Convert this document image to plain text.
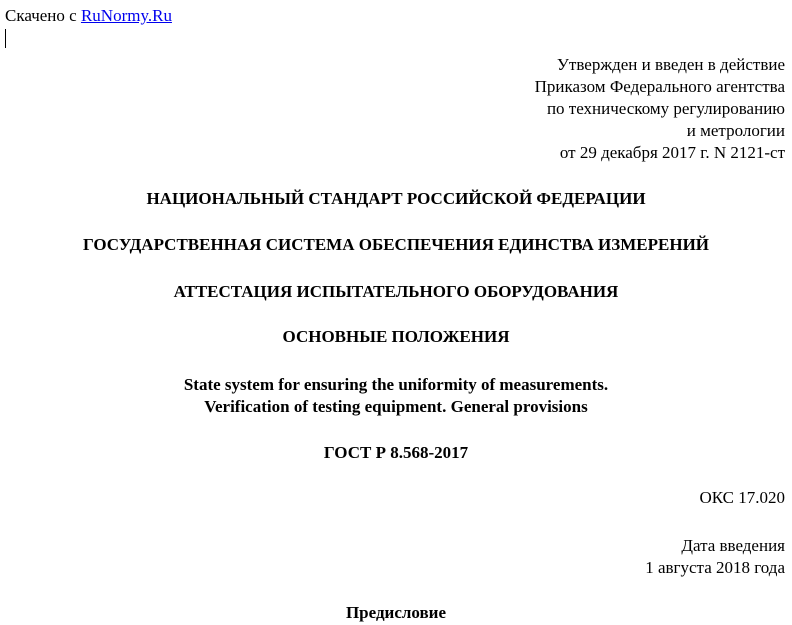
Скачено с RuNormy.Ru
Утвержден и введен в действие
Приказом Федерального агентства
по техническому регулированию
и метрологии
от 29 декабря 2017 г. N 2121-ст
НАЦИОНАЛЬНЫЙ СТАНДАРТ РОССИЙСКОЙ ФЕДЕРАЦИИ
ГОСУДАРСТВЕННАЯ СИСТЕМА ОБЕСПЕЧЕНИЯ ЕДИНСТВА ИЗМЕРЕНИЙ
АТТЕСТАЦИЯ ИСПЫТАТЕЛЬНОГО ОБОРУДОВАНИЯ
ОСНОВНЫЕ ПОЛОЖЕНИЯ
State system for ensuring the uniformity of measurements.
Verification of testing equipment. General provisions
ГОСТ Р 8.568-2017
ОКС 17.020
Дата введения
1 августа 2018 года
Предисловие
